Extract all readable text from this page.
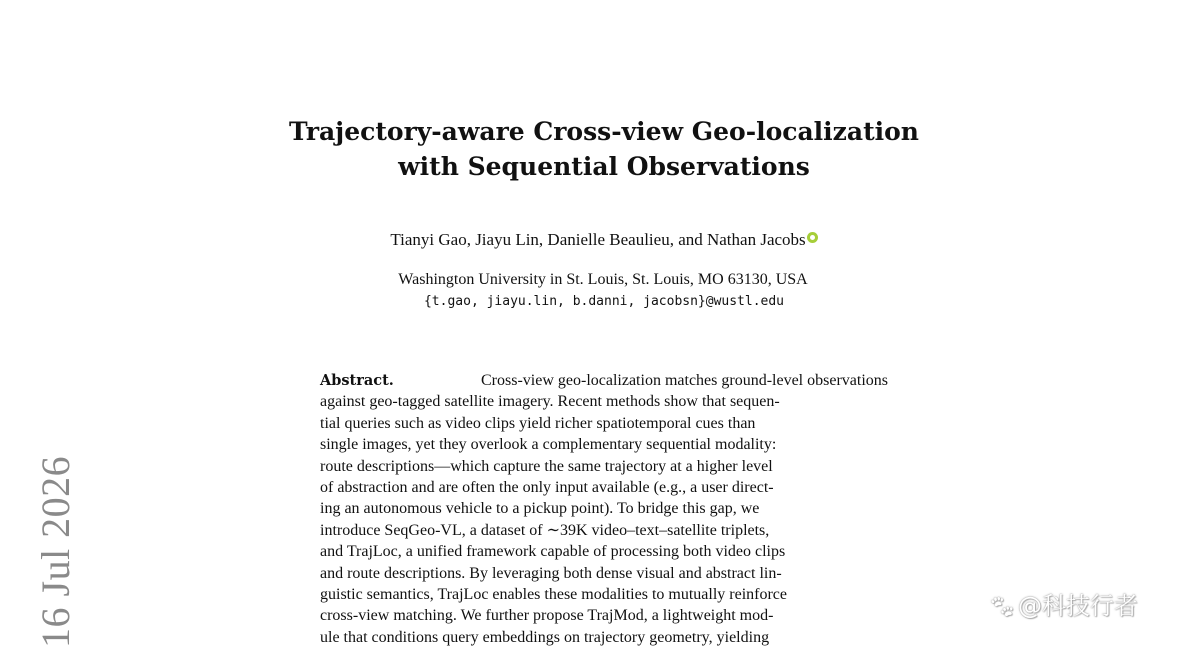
16 Jul 2026
Trajectory-aware Cross-view Geo-localization
with Sequential Observations
Tianyi Gao, Jiayu Lin, Danielle Beaulieu, and Nathan Jacobs
Washington University in St. Louis, St. Louis, MO 63130, USA
{t.gao, jiayu.lin, b.danni, jacobsn}@wustl.edu
Abstract.	Cross-view geo-localization matches ground-level observations
against geo-tagged satellite imagery. Recent methods show that sequen-
tial queries such as video clips yield richer spatiotemporal cues than
single images, yet they overlook a complementary sequential modality:
route descriptions—which capture the same trajectory at a higher level
of abstraction and are often the only input available (e.g., a user direct-
ing an autonomous vehicle to a pickup point). To bridge this gap, we
introduce SeqGeo-VL, a dataset of ∼39K video–text–satellite triplets,
and TrajLoc, a unified framework capable of processing both video clips
and route descriptions. By leveraging both dense visual and abstract lin-
guistic semantics, TrajLoc enables these modalities to mutually reinforce
cross-view matching. We further propose TrajMod, a lightweight mod-
ule that conditions query embeddings on trajectory geometry, yielding
🐾︎@科技行者
